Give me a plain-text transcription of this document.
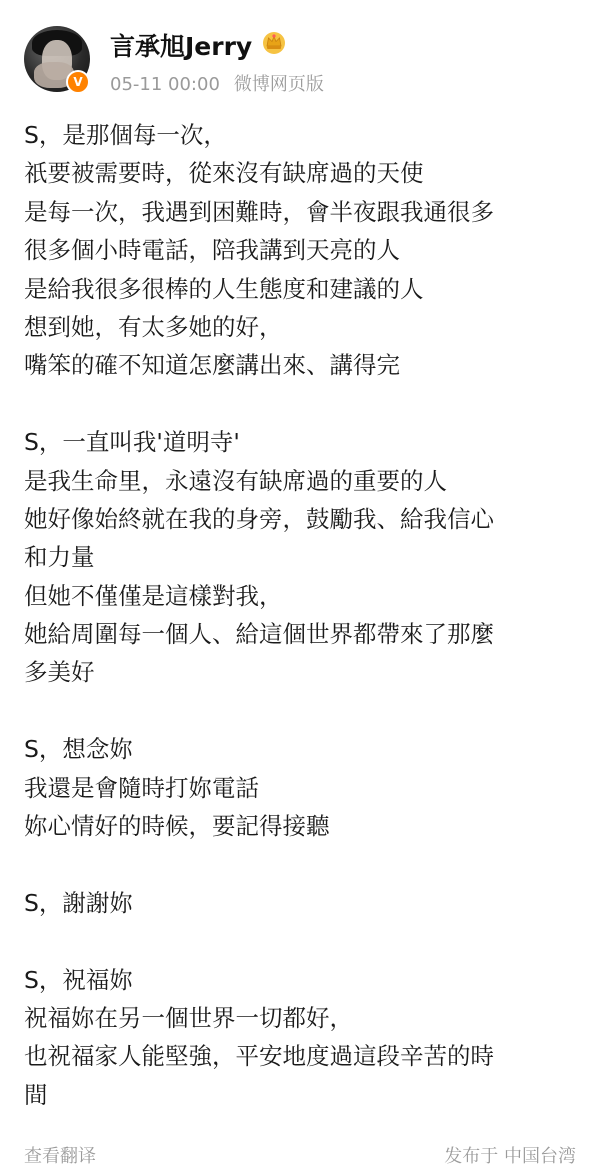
V
言承旭Jerry
05-11 00:00 微博网页版
S，是那個每一次，
祇要被需要時，從來沒有缺席過的天使
是每一次，我遇到困難時，會半夜跟我通很多
很多個小時電話，陪我講到天亮的人
是給我很多很棒的人生態度和建議的人
想到她，有太多她的好，
嘴笨的確不知道怎麼講出來、講得完
S，一直叫我'道明寺'
是我生命里，永遠沒有缺席過的重要的人
她好像始終就在我的身旁，鼓勵我、給我信心
和力量
但她不僅僅是這樣對我，
她給周圍每一個人、給這個世界都帶來了那麼
多美好
S，想念妳
我還是會隨時打妳電話
妳心情好的時候，要記得接聽
S，謝謝妳
S，祝福妳
祝福妳在另一個世界一切都好，
也祝福家人能堅強，平安地度過這段辛苦的時
間
查看翻译	发布于 中国台湾
